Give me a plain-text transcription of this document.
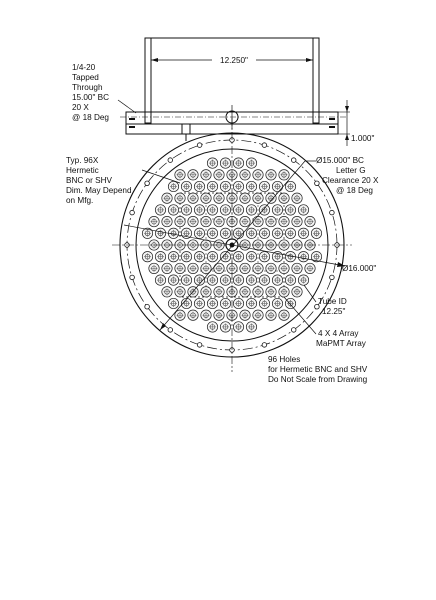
12.250"
1.000"
1/4-20
Tapped
Through
15.00" BC
20 X
@ 18 Deg
Typ. 96X
Hermetic
BNC or SHV
Dim. May Depend
on Mfg.
Ø15.000" BC
Letter G
Clearance 20 X
@ 18 Deg
Ø16.000"
Tube ID
12.25"
4 X 4 Array
MaPMT Array
96 Holes
for Hermetic BNC and SHV
Do Not Scale from Drawing
